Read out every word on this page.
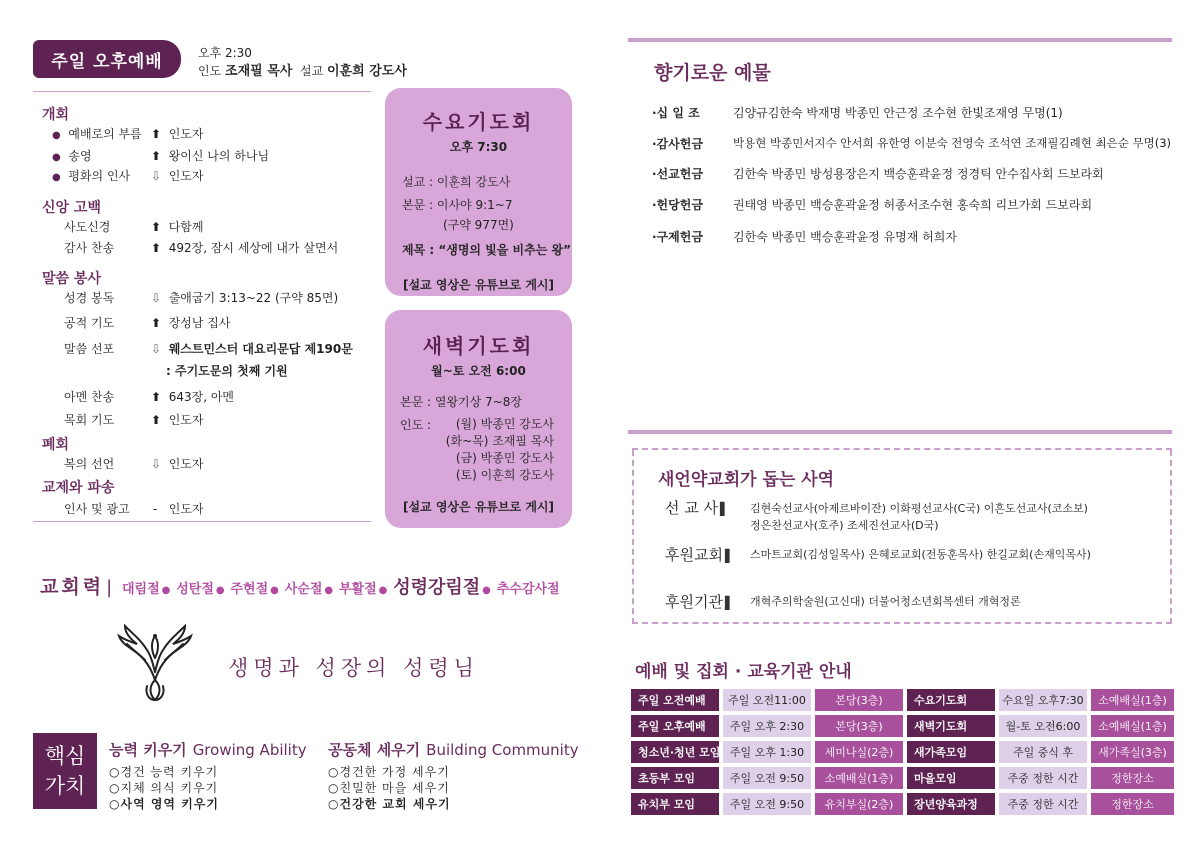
주일 오후예배	오후 2:30
인도 조재필 목사 설교 이훈희 강도사
개회
● 예배로의 부름 ⬆ 인도자
● 송영	⬆ 왕이신 나의 하나님
● 평화의 인사 ⇩ 인도자
신앙 고백
사도신경	⬆ 다함께
감사 찬송	⬆ 492장, 잠시 세상에 내가 살면서
말씀 봉사
성경 봉독	⇩ 출애굽기 3:13~22 (구약 85면)
공적 기도	⬆ 장성남 집사
말씀 선포	⇩ 웨스트민스터 대요리문답 제190문
: 주기도문의 첫째 기원
아멘 찬송	⬆ 643장, 아멘
목회 기도	⬆ 인도자
폐회
복의 선언	⇩ 인도자
교제와 파송
인사 및 광고 - 인도자
수요기도회
오후 7:30
설교 : 이훈희 강도사
본문 : 이사야 9:1~7
(구약 977면)
제목 : “생명의 빛을 비추는 왕”
[설교 영상은 유튜브로 게시]
새벽기도회
월~토 오전 6:00
본문 : 열왕기상 7~8장
인도 :	(월) 박종민 강도사
(화~목) 조재필 목사
(금) 박종민 강도사
(토) 이훈희 강도사
[설교 영상은 유튜브로 게시]
교회력 | 대림절 ● 성탄절 ● 주현절 ● 사순절 ● 부활절 ● 성령강림절 ● 추수감사절
생명과 성장의 성령님
핵심
가치
능력 키우기 Growing Ability
○경건 능력 키우기
○지체 의식 키우기
○사역 영역 키우기
공동체 세우기 Building Community
○경건한 가정 세우기
○친밀한 마을 세우기
○건강한 교회 세우기
향기로운 예물
·십 일 조	김양규김한숙 박재명 박종민 안근정 조수현 한빛조재영 무명(1)
·감사헌금	박용현 박종민서지수 안서희 유한영 이분숙 전영숙 조석연 조재필김례현 최은순 무명(3)
·선교헌금	김한숙 박종민 방성용장은지 백승훈곽윤정 정경틱 안수집사회 드보라회
·헌당헌금	권태영 박종민 백승훈곽윤정 허종서조수현 홍숙희 리브가회 드보라회
·구제헌금	김한숙 박종민 백승훈곽윤정 유명재 허희자
새언약교회가 돕는 사역
선 교 사 ▌ 김현숙선교사(아제르바이잔) 이화평선교사(C국) 이흔도선교사(코소보)
정은찬선교사(호주) 조세진선교사(D국)
후원교회 ▌ 스마트교회(김성일목사) 은혜로교회(전동훈목사) 한길교회(손재익목사)
후원기관 ▌ 개혁주의학술원(고신대) 더불어청소년회복센터 개혁정론
예배 및 집회 · 교육기관 안내
주일 오전예배	주일 오전11:00	본당(3층)	수요기도회	수요일 오후7:30	소예배실(1층)
주일 오후예배	주일 오후 2:30	본당(3층)	새벽기도회	월-토 오전6:00	소예배실(1층)
청소년·청년 모임 주일 오후 1:30	세미나실(2층)	새가족모임	주일 중식 후	새가족실(3층)
초등부 모임	주일 오전 9:50	소예배실(1층)	마을모임	주중 정한 시간	정한장소
유치부 모임	주일 오전 9:50	유치부실(2층)	장년양육과정	주중 정한 시간	정한장소
